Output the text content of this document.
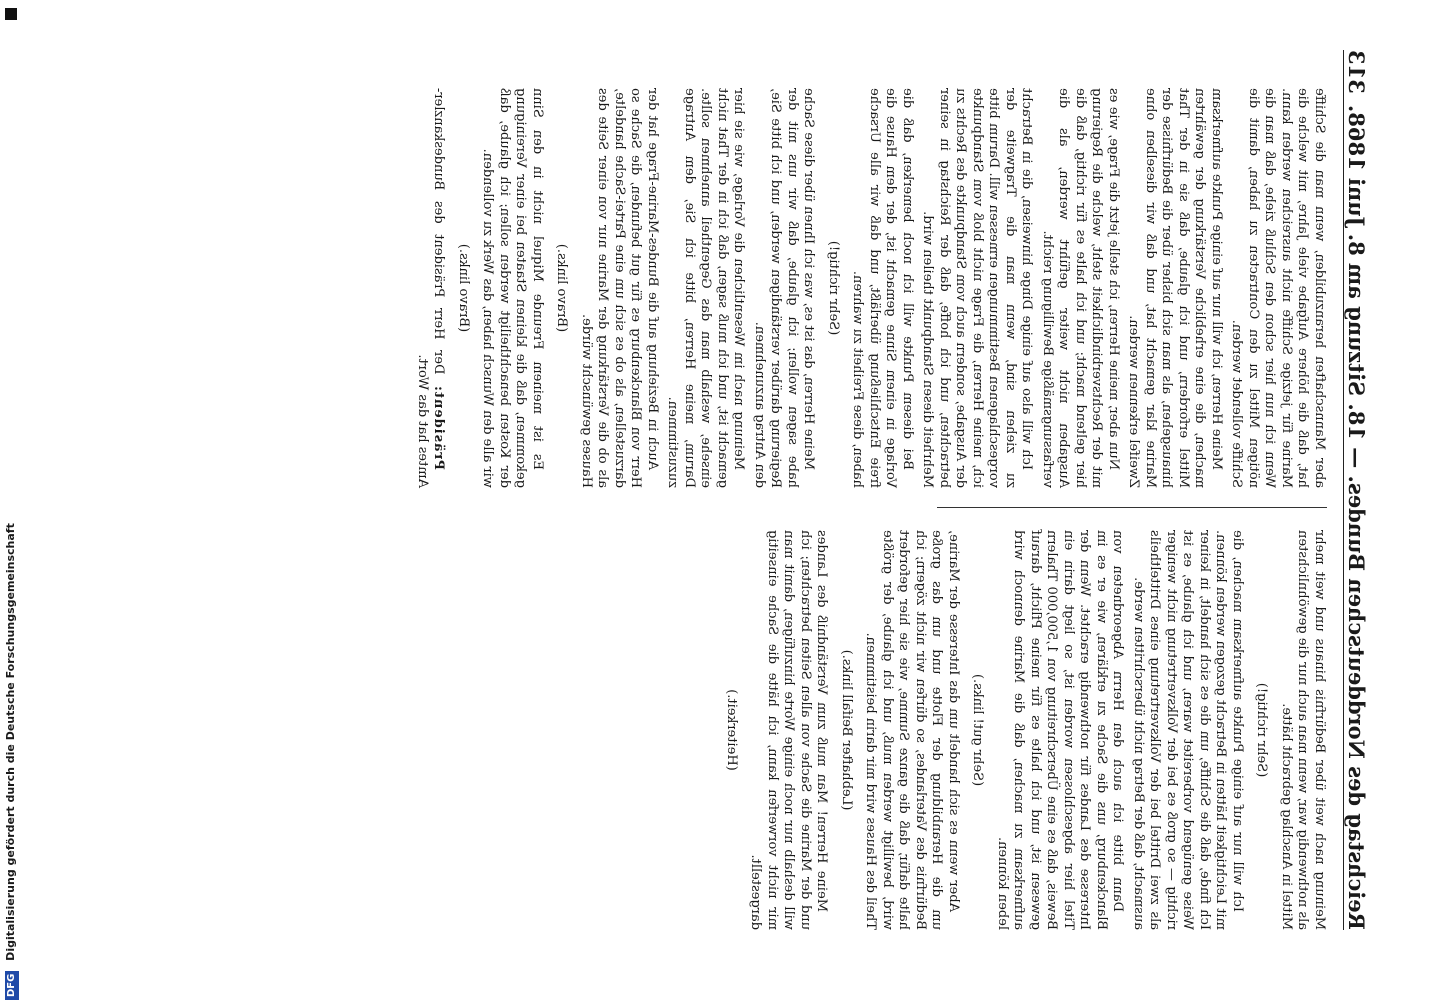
DFG Digitalisierung gefördert durch die Deutsche Forschungsgemeinschaft	Reichstag des Norddeutschen Bundes. — 18. Sitzung am 8. Juni 1868.
313

Meinung nach weit über Bedürfnis hinaus und weit mehr als nothwendig war, wenn man auch nur die gewöhnlichsten Mittel in Anschlag gebracht hätte.

(Sehr richtig!)

Ich will nur auf einige Punkte aufmerksam machen, die mit Leichtigkeit hätten in Betracht gezogen werden können. Ich finde, daß die Schiffe, um die es sich handelt, in keiner Weise genügend vorbereitet waren, und ich glaube, es ist richtig — so groß es bei der Volksvertretung nicht weniger als zwei Drittel bei der Volksvertretung eines Dritteltheils ausmacht, daß der Betrag nicht überschritten werde.

Dann bitte ich auch den Herrn Abgeordneten von Blanckenburg, uns die Sache zu erklären, wie er es im Interesse des Landes für nothwendig erachtet. Wenn der Titel hier abgeschlossen worden ist, so liegt darin ein Beweis, daß es eine Überschreitung von 1,500,000 Thalern gewesen ist, und ich halte es für meine Pflicht, darauf aufmerksam zu machen, daß die Marine dennoch wird leben können.

(Sehr gut! links.)

Aber wenn es sich handelt um das Interesse der Marine, um die Heranbildung der Flotte und um das große Bedürfnis des Vaterlandes, so dürfen wir nicht zögern; ich halte dafür, daß die ganze Summe, wie sie hier gefordert wird, bewilligt werden muß, und ich glaube, der größte Theil des Hauses wird mir darin beistimmen.

(Lebhafter Beifall links.)

Meine Herren! Man muß zum Verständniß des Landes und der Marine die Sache von allen Seiten betrachten; ich will deshalb nur noch einige Worte hinzufügen, damit man mir nicht vorwerfen kann, ich hätte die Sache einseitig dargestellt.

(Heiterkeit.)

aber Mannschaften heranzubilden, wenn man die Schiffe hat, daß die höhere Aufgabe viele Jahre, mit welche die Marine für jetzige Schiffe nicht ausreichen werden kann. Wenn ich nun hier schon den Schluß ziehe, daß man die nötigen Mittel zu den Contracten zu haben, damit die Schiffe vollendet werden.

Meine Herren, ich will nur auf einige Punkte aufmerksam machen, die eine erhebliche Verstärkung der gewährten Mittel erfordern, und ich glaube, daß sie in der That hinausgehen, als man sich bisher über die Bedürfnisse der Marine klar gemacht hat, und daß wir dieselben ohne Zweifel erkennen werden.

Nun aber, meine Herren, ich stelle jetzt die Frage, wie es mit der Rechtsverbindlichkeit steht, welche die Regierung hier geltend macht; und ich halte es für richtig, daß die Ausgaben nicht weiter geführt werden, als die verfassungsmäßige Bewilligung reicht.

Ich will also auf einige Dinge hinweisen, die in Betracht zu ziehen sind, wenn man die Tragweite der vorgeschlagenen Bestimmungen ermessen will. Darum bitte ich, meine Herren, die Frage nicht bloß vom Standpunkte der Ausgabe, sondern auch vom Standpunkte des Rechts zu betrachten, und ich hoffe, daß der Reichstag in seiner Mehrheit diesen Standpunkt theilen wird.

Bei diesem Punkte will ich noch bemerken, daß die Vorlage in einem Sinne gemacht ist, der dem Hause die freie Entschließung überläßt, und daß wir alle Ursache haben, diese Freiheit zu wahren.

(Sehr richtig!)

Meine Herren, das ist es, was ich Ihnen über diese Sache habe sagen wollen; ich glaube, daß wir uns mit der Regierung darüber verständigen werden, und ich bitte Sie, den Antrag anzunehmen.

Meinung nach im Wesentlichen die Vorlage, wie sie hier gemacht ist, und ich muß sagen, daß ich in der That nicht einsehe, weshalb man das Gegentheil annehmen sollte. Darum, meine Herren, bitte ich Sie, dem Antrage zuzustimmen.

Auch in Beziehung auf die Bundes-Marine-Frage hat der Herr von Blanckenburg es für gut befunden, die Sache so darzustellen, als ob es sich um eine Partei-Sache handelte, als ob die Verstärkung der Marine nur von einer Seite des Hauses gewünscht würde.

(Bravo links.)

Es ist meinem Freunde Miquel nicht in den Sinn gekommen, daß die kleinen Staaten bei einer Vereinigung der Kosten benachtheiligt werden sollen; ich glaube, daß wir alle den Wunsch haben, das Werk zu vollenden.

(Bravo links.)

Präsident: Der Herr Präsident des Bundeskanzler-Amtes hat das Wort.
